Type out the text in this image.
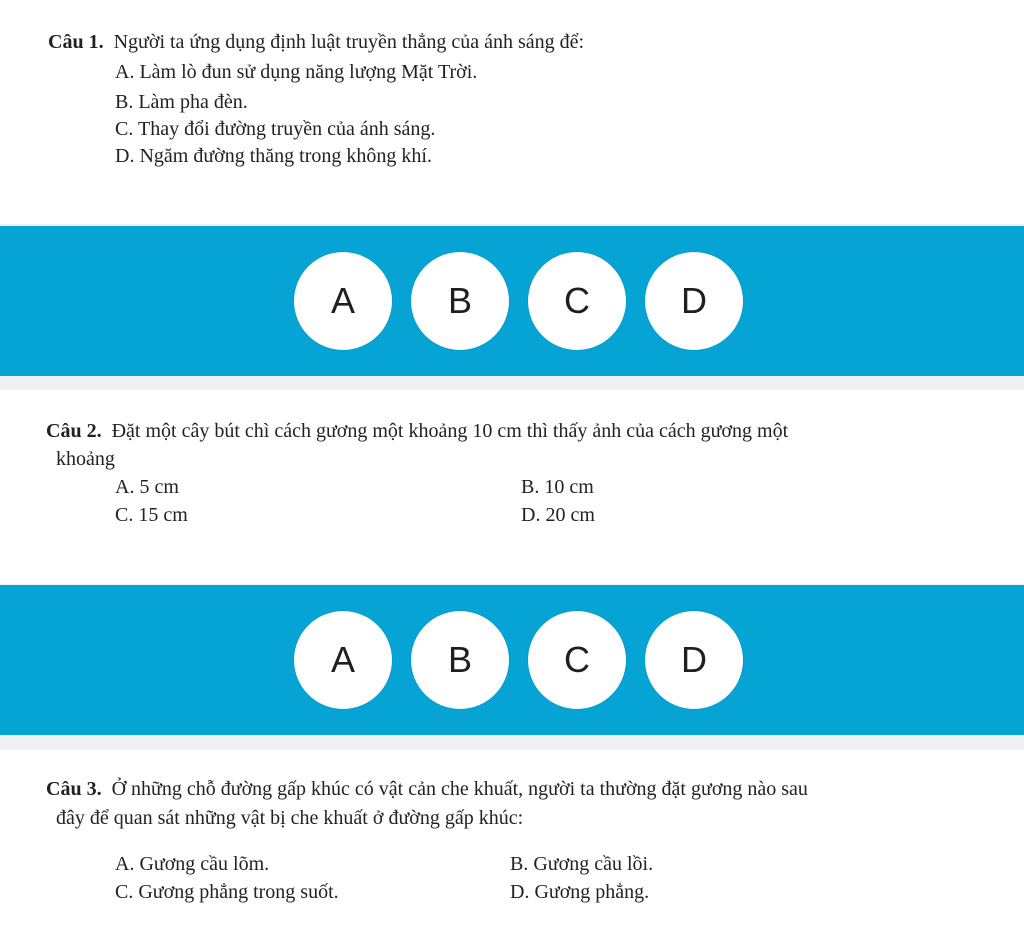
Câu 1. Người ta ứng dụng định luật truyền thẳng của ánh sáng để:
A. Làm lò đun sử dụng năng lượng Mặt Trời.
B. Làm pha đèn.
C. Thay đổi đường truyền của ánh sáng.
D. Ngăm đường thăng trong không khí.
A	B	C	D
Câu 2. Đặt một cây bút chì cách gương một khoảng 10 cm thì thấy ảnh của cách gương một
khoảng
A. 5 cm	B. 10 cm
C. 15 cm	D. 20 cm
A	B	C	D
Câu 3. Ở những chỗ đường gấp khúc có vật cản che khuất, người ta thường đặt gương nào sau
đây để quan sát những vật bị che khuất ở đường gấp khúc:
A. Gương cầu lõm.	B. Gương cầu lồi.
C. Gương phẳng trong suốt.	D. Gương phẳng.
